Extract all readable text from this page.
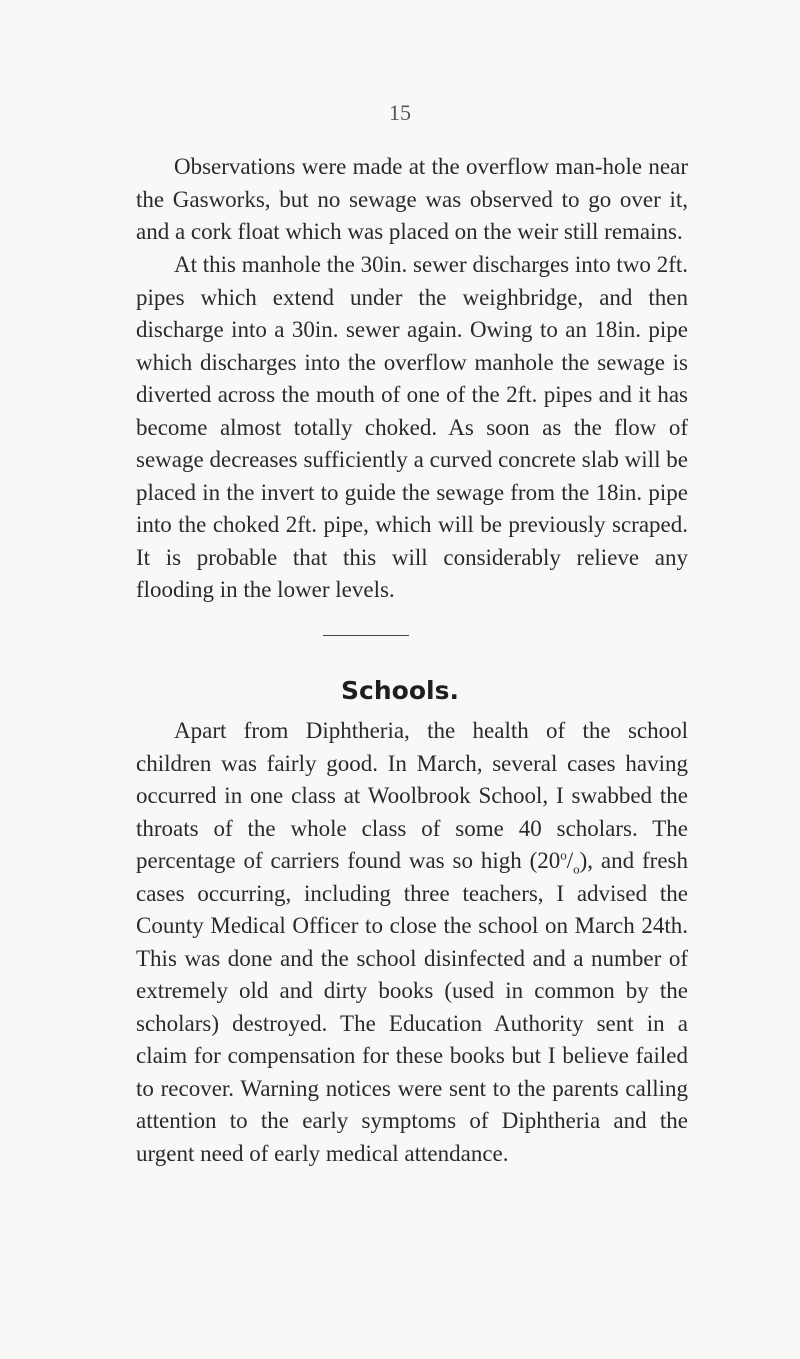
15

Observations were made at the overflow man-hole near the Gasworks, but no sewage was observed to go over it, and a cork float which was placed on the weir still remains.

At this manhole the 30in. sewer discharges into two 2ft. pipes which extend under the weighbridge, and then discharge into a 30in. sewer again. Owing to an 18in. pipe which discharges into the overflow manhole the sewage is diverted across the mouth of one of the 2ft. pipes and it has become almost totally choked. As soon as the flow of sewage decreases sufficiently a curved concrete slab will be placed in the invert to guide the sewage from the 18in. pipe into the choked 2ft. pipe, which will be previously scraped. It is probable that this will considerably relieve any flooding in the lower levels.

Schools.

Apart from Diphtheria, the health of the school children was fairly good. In March, several cases having occurred in one class at Woolbrook School, I swabbed the throats of the whole class of some 40 scholars. The percentage of carriers found was so high $(20^o/_o)$, and fresh cases occurring, including three teachers, I advised the County Medical Officer to close the school on March 24th. This was done and the school disinfected and a number of extremely old and dirty books (used in common by the scholars) destroyed. The Education Authority sent in a claim for compensation for these books but I believe failed to recover. Warning notices were sent to the parents calling attention to the early symptoms of Diphtheria and the urgent need of early medical attendance.
